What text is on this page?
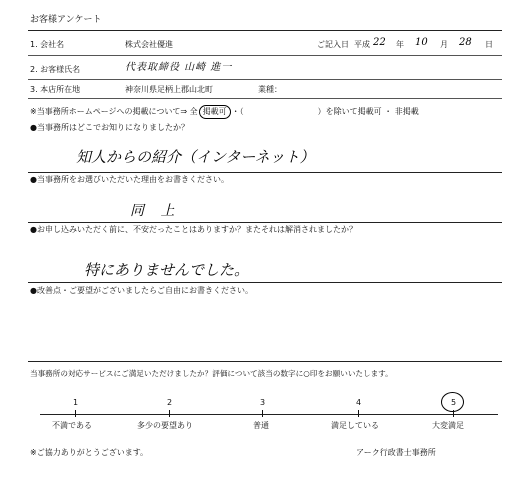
お客様アンケート
1. 会社名	株式会社優進	ご記入日 平成 22 年 10 月 28 日
2. お客様氏名	代表取締役 山崎 進一
3. 本店所在地	神奈川県足柄上郡山北町	業種：
※当事務所ホームページへの掲載について⇒ 全 掲載可 ・（	）を除いて掲載可 ・ 非掲載
●当事務所はどこでお知りになりましたか？
知人からの紹介（インターネット）
●当事務所をお選びいただいた理由をお書きください。
同 上
●お申し込みいただく前に、不安だったことはありますか？またそれは解消されましたか？
特にありませんでした。
●改善点・ご要望がございましたらご自由にお書きください。
当事務所の対応サービスにご満足いただけましたか？評価について該当の数字に○印をお願いいたします。
1	2	3	4	5
不満である	多少の要望あり	普通	満足している	大変満足
※ご協力ありがとうございます。	アーク行政書士事務所
